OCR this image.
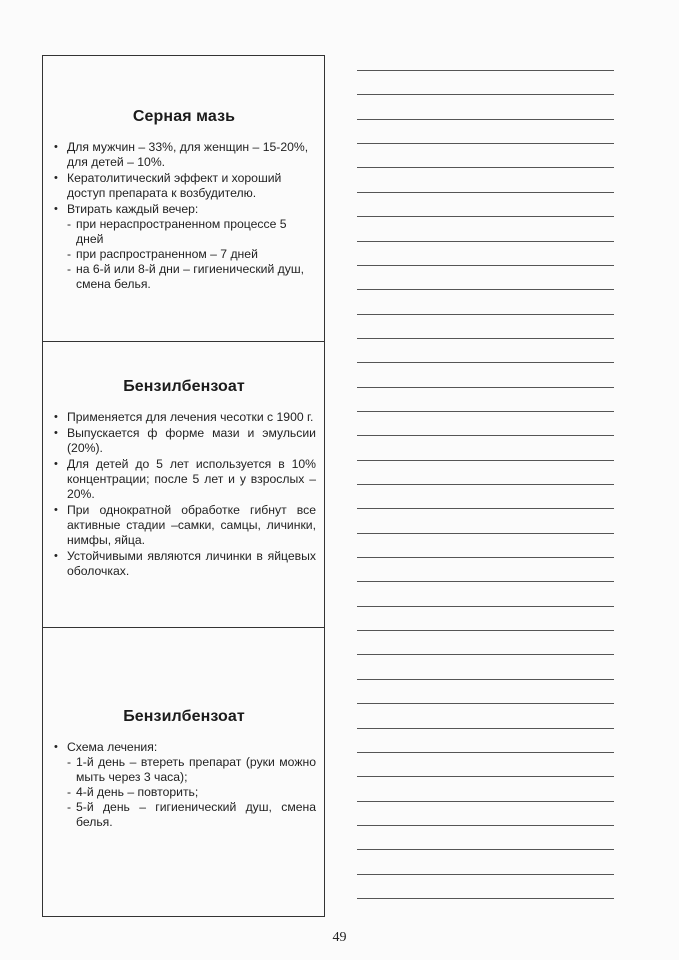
Серная мазь
• Для мужчин – 33%, для женщин – 15-20%, для детей – 10%.
• Кератолитический эффект и хороший доступ препарата к возбудителю.
• Втирать каждый вечер:
- при нераспространенном процессе 5 дней
- при распространенном – 7 дней
- на 6-й или 8-й дни – гигиенический душ, смена белья.
Бензилбензоат
• Применяется для лечения чесотки с 1900 г.
• Выпускается ф форме мази и эмульсии (20%).
• Для детей до 5 лет используется в 10% концентрации; после 5 лет и у взрослых – 20%.
• При однократной обработке гибнут все активные стадии –самки, самцы, личинки, нимфы, яйца.
• Устойчивыми являются личинки в яйцевых оболочках.
Бензилбензоат
• Схема лечения:
- 1-й день – втереть препарат (руки можно мыть через 3 часа);
- 4-й день – повторить;
- 5-й день – гигиенический душ, смена белья.
49
